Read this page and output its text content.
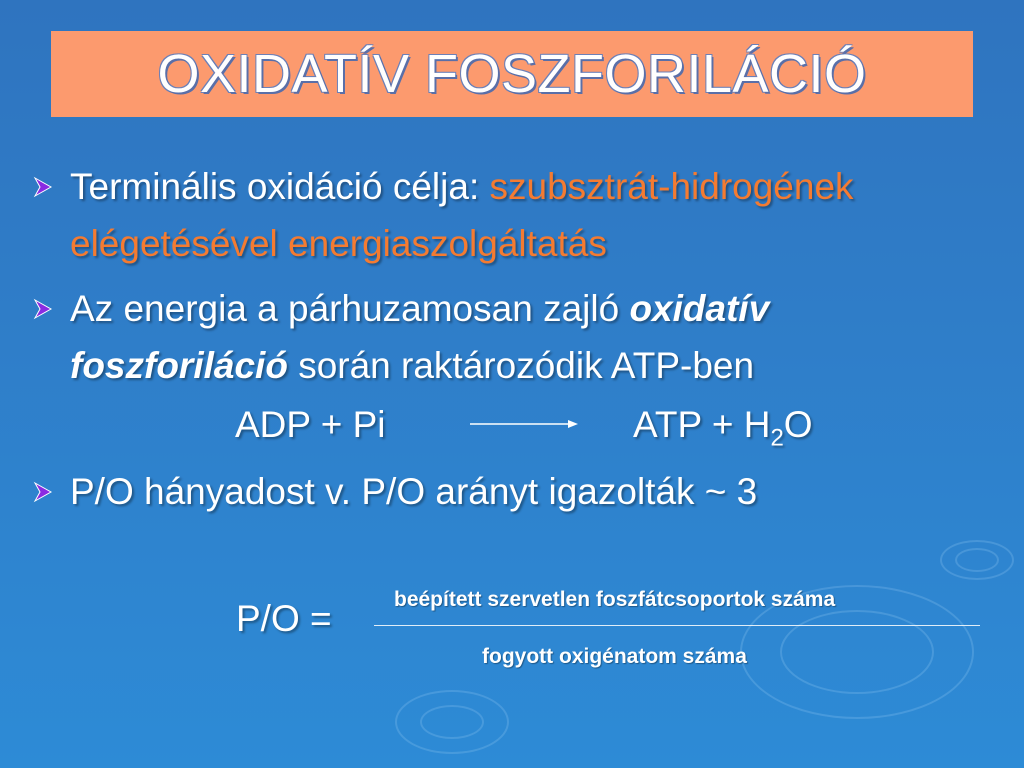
OXIDATÍV FOSZFORILÁCIÓ
Terminális oxidáció célja: szubsztrát-hidrogének elégetésével energiaszolgáltatás
Az energia a párhuzamosan zajló oxidatív foszforiláció során raktározódik ATP-ben
ADP + Pi	ATP + $H_2O$
P/O hányadost v. P/O arányt igazolták ~ 3
P/O =	beépített szervetlen foszfátcsoportok száma
fogyott oxigénatom száma
